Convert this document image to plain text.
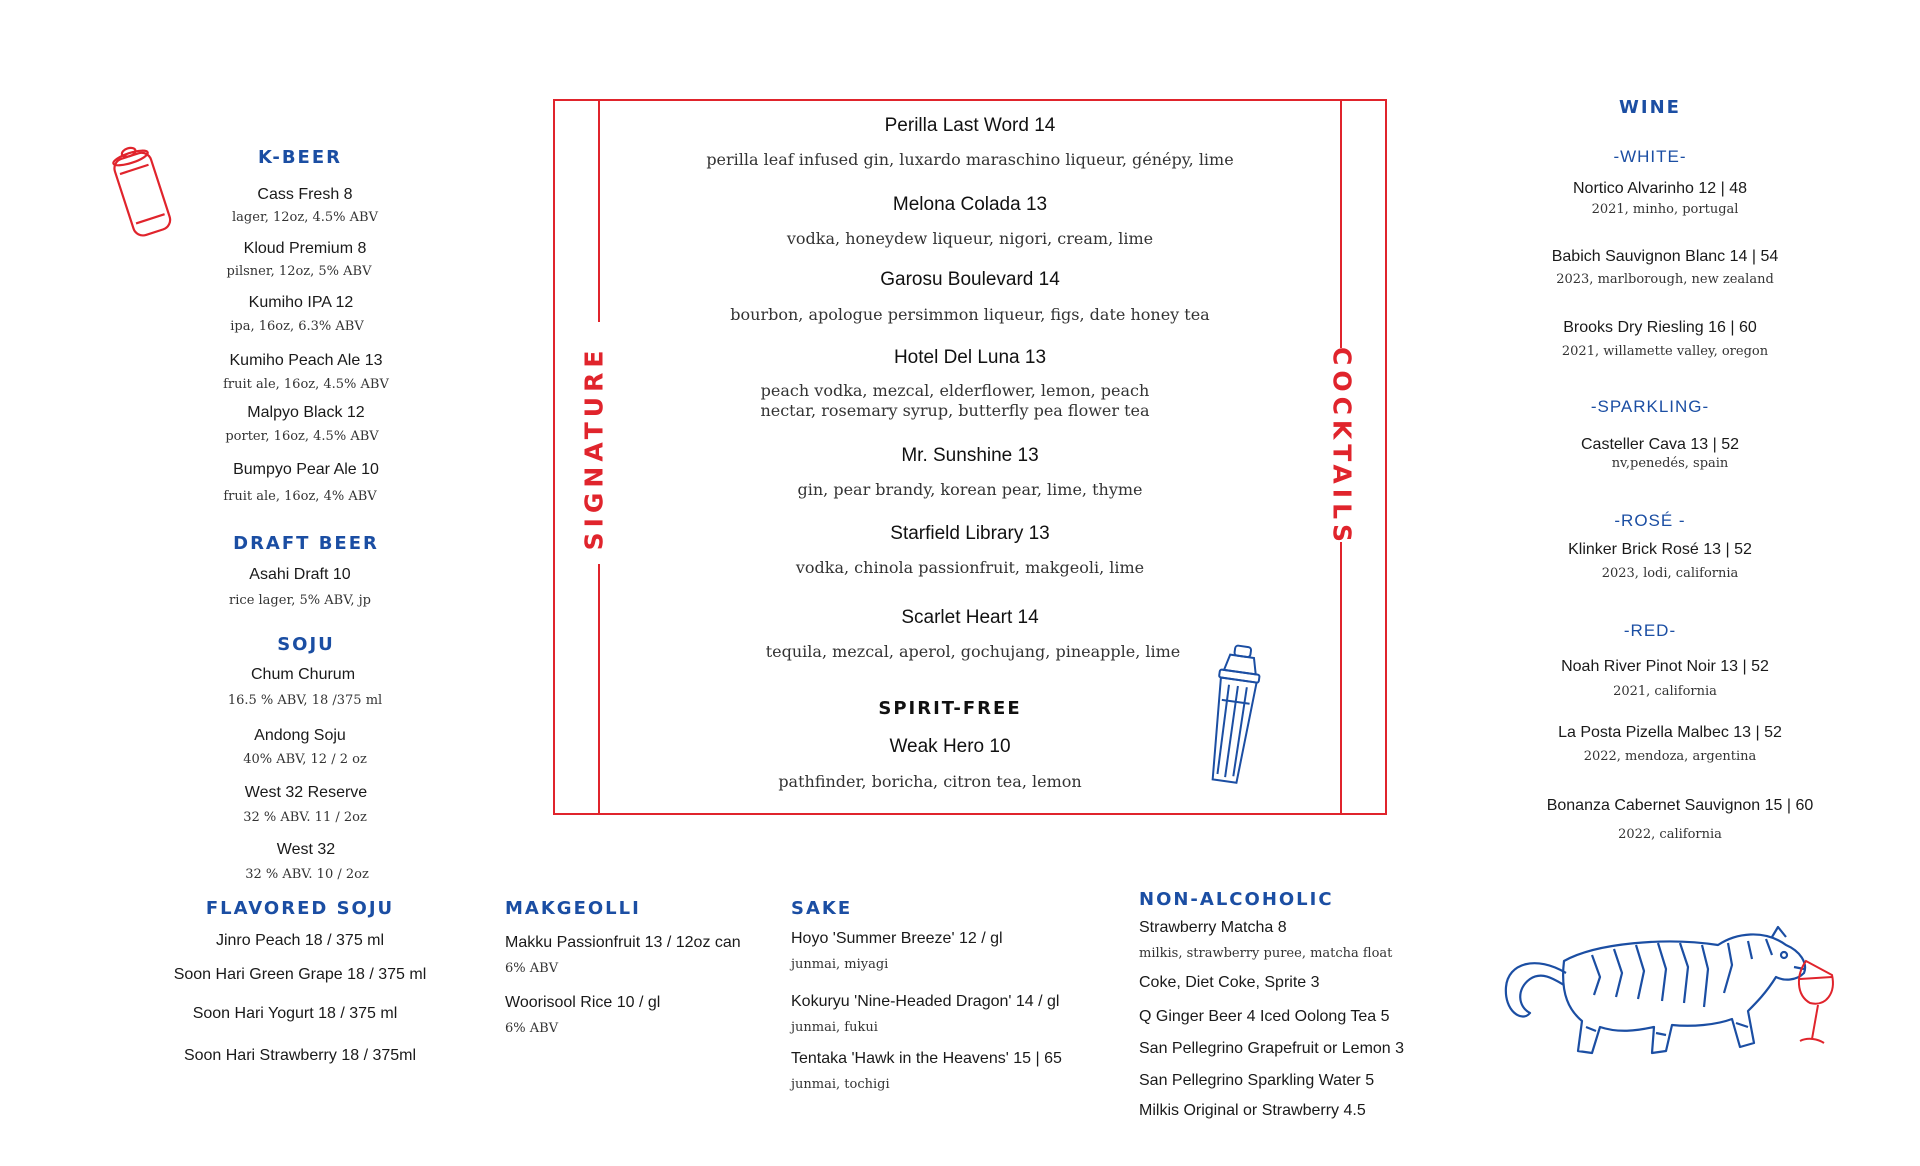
K-BEER
Cass Fresh 8
lager, 12oz, 4.5% ABV
Kloud Premium 8
pilsner, 12oz, 5% ABV
Kumiho IPA 12
ipa, 16oz, 6.3% ABV
Kumiho Peach Ale 13
fruit ale, 16oz, 4.5% ABV
Malpyo Black 12
porter, 16oz, 4.5% ABV
Bumpyo Pear Ale 10
fruit ale, 16oz, 4% ABV
DRAFT BEER
Asahi Draft 10
rice lager, 5% ABV, jp
SOJU
Chum Churum
16.5 % ABV, 18 /375 ml
Andong Soju
40% ABV, 12 / 2 oz
West 32 Reserve
32 % ABV. 11 / 2oz
West 32
32 % ABV. 10 / 2oz
FLAVORED SOJU
Jinro Peach 18 / 375 ml
Soon Hari Green Grape 18 / 375 ml
Soon Hari Yogurt 18 / 375 ml
Soon Hari Strawberry 18 / 375ml
MAKGEOLLI
Makku Passionfruit 13 / 12oz can
6% ABV
Woorisool Rice 10 / gl
6% ABV
SAKE
Hoyo 'Summer Breeze' 12 / gl
junmai, miyagi
Kokuryu 'Nine-Headed Dragon' 14 / gl
junmai, fukui
Tentaka 'Hawk in the Heavens' 15 | 65
junmai, tochigi
NON-ALCOHOLIC
Strawberry Matcha 8
milkis, strawberry puree, matcha float
Coke, Diet Coke, Sprite 3
Q Ginger Beer 4 Iced Oolong Tea 5
San Pellegrino Grapefruit or Lemon 3
San Pellegrino Sparkling Water 5
Milkis Original or Strawberry 4.5
SIGNATURE	COCKTAILS
Perilla Last Word 14
perilla leaf infused gin, luxardo maraschino liqueur, génépy, lime
Melona Colada 13
vodka, honeydew liqueur, nigori, cream, lime
Garosu Boulevard 14
bourbon, apologue persimmon liqueur, figs, date honey tea
Hotel Del Luna 13
peach vodka, mezcal, elderflower, lemon, peach nectar, rosemary syrup, butterfly pea flower tea
Mr. Sunshine 13
gin, pear brandy, korean pear, lime, thyme
Starfield Library 13
vodka, chinola passionfruit, makgeoli, lime
Scarlet Heart 14
tequila, mezcal, aperol, gochujang, pineapple, lime
SPIRIT-FREE
Weak Hero 10
pathfinder, boricha, citron tea, lemon
WINE
-WHITE-
Nortico Alvarinho 12 | 48
2021, minho, portugal
Babich Sauvignon Blanc 14 | 54
2023, marlborough, new zealand
Brooks Dry Riesling 16 | 60
2021, willamette valley, oregon
-SPARKLING-
Casteller Cava 13 | 52
nv,penedés, spain
-ROSÉ -
Klinker Brick Rosé 13 | 52
2023, lodi, california
-RED-
Noah River Pinot Noir 13 | 52
2021, california
La Posta Pizella Malbec 13 | 52
2022, mendoza, argentina
Bonanza Cabernet Sauvignon 15 | 60
2022, california
